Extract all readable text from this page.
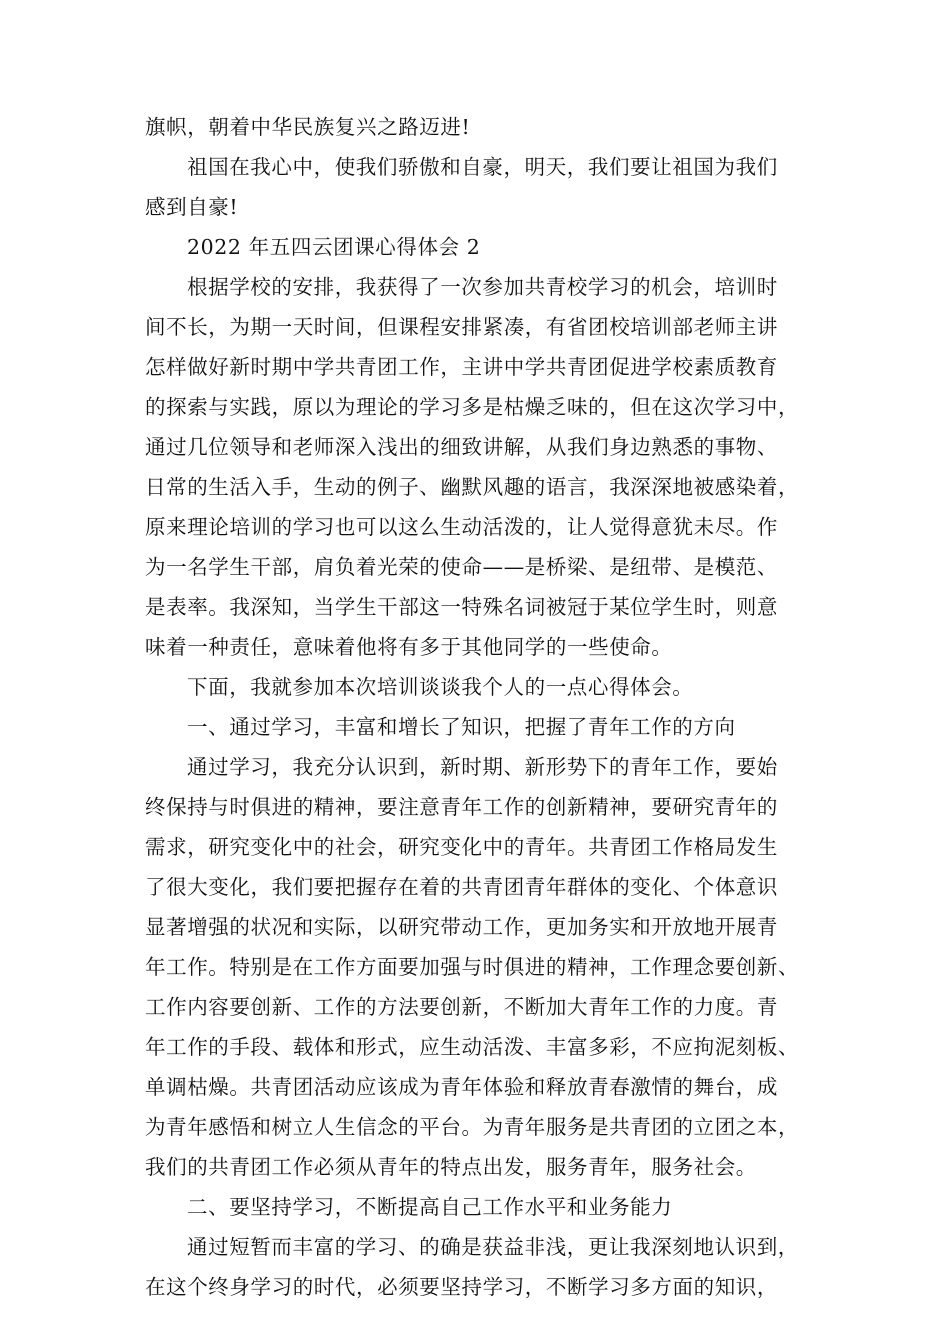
旗帜，朝着中华民族复兴之路迈进!
祖国在我心中，使我们骄傲和自豪，明天，我们要让祖国为我们
感到自豪!
2022 年五四云团课心得体会 2
根据学校的安排，我获得了一次参加共青校学习的机会，培训时
间不长，为期一天时间，但课程安排紧凑，有省团校培训部老师主讲
怎样做好新时期中学共青团工作，主讲中学共青团促进学校素质教育
的探索与实践，原以为理论的学习多是枯燥乏味的，但在这次学习中，
通过几位领导和老师深入浅出的细致讲解，从我们身边熟悉的事物、
日常的生活入手，生动的例子、幽默风趣的语言，我深深地被感染着，
原来理论培训的学习也可以这么生动活泼的，让人觉得意犹未尽。作
为一名学生干部，肩负着光荣的使命——是桥梁、是纽带、是模范、
是表率。我深知，当学生干部这一特殊名词被冠于某位学生时，则意
味着一种责任，意味着他将有多于其他同学的一些使命。
下面，我就参加本次培训谈谈我个人的一点心得体会。
一、通过学习，丰富和增长了知识，把握了青年工作的方向
通过学习，我充分认识到，新时期、新形势下的青年工作，要始
终保持与时俱进的精神，要注意青年工作的创新精神，要研究青年的
需求，研究变化中的社会，研究变化中的青年。共青团工作格局发生
了很大变化，我们要把握存在着的共青团青年群体的变化、个体意识
显著增强的状况和实际，以研究带动工作，更加务实和开放地开展青
年工作。特别是在工作方面要加强与时俱进的精神，工作理念要创新、
工作内容要创新、工作的方法要创新，不断加大青年工作的力度。青
年工作的手段、载体和形式，应生动活泼、丰富多彩，不应拘泥刻板、
单调枯燥。共青团活动应该成为青年体验和释放青春激情的舞台，成
为青年感悟和树立人生信念的平台。为青年服务是共青团的立团之本，
我们的共青团工作必须从青年的特点出发，服务青年，服务社会。
二、要坚持学习，不断提高自己工作水平和业务能力
通过短暂而丰富的学习、的确是获益非浅，更让我深刻地认识到，
在这个终身学习的时代，必须要坚持学习，不断学习多方面的知识，
